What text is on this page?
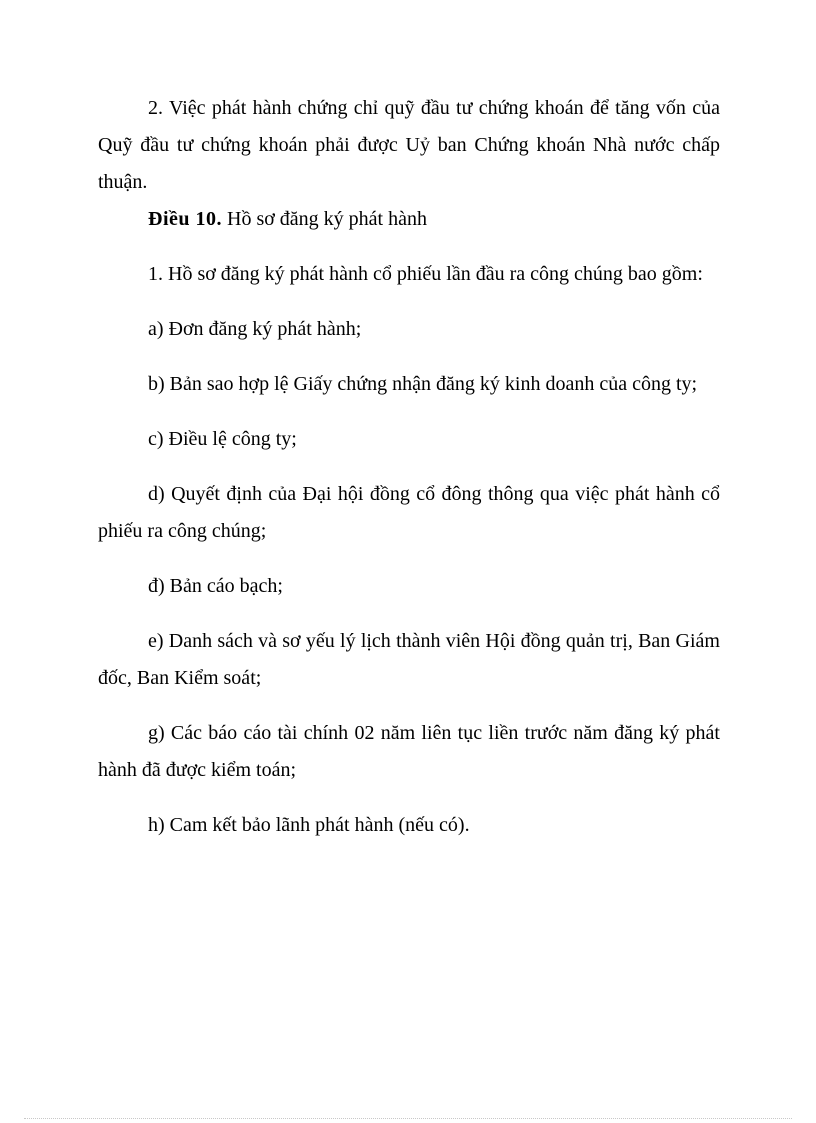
2. Việc phát hành chứng chỉ quỹ đầu tư chứng khoán để tăng vốn của Quỹ đầu tư chứng khoán phải được Uỷ ban Chứng khoán Nhà nước chấp thuận.

Điều 10. Hồ sơ đăng ký phát hành

1. Hồ sơ đăng ký phát hành cổ phiếu lần đầu ra công chúng bao gồm:

a) Đơn đăng ký phát hành;

b) Bản sao hợp lệ Giấy chứng nhận đăng ký kinh doanh của công ty;

c) Điều lệ công ty;

d) Quyết định của Đại hội đồng cổ đông thông qua việc phát hành cổ phiếu ra công chúng;

đ) Bản cáo bạch;

e) Danh sách và sơ yếu lý lịch thành viên Hội đồng quản trị, Ban Giám đốc, Ban Kiểm soát;

g) Các báo cáo tài chính 02 năm liên tục liền trước năm đăng ký phát hành đã được kiểm toán;

h) Cam kết bảo lãnh phát hành (nếu có).
